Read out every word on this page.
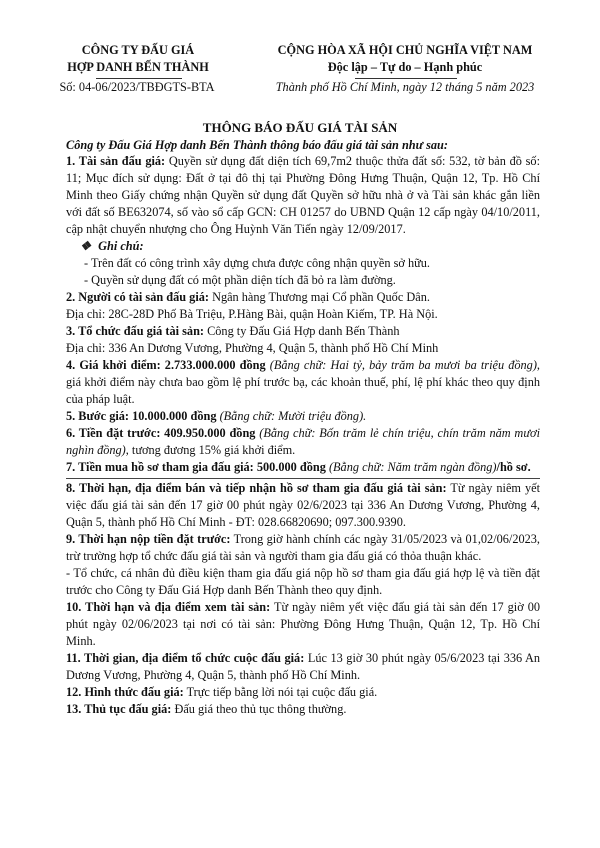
CÔNG TY ĐẤU GIÁ
HỢP DANH BẾN THÀNH
Số: 04-06/2023/TBĐGTS-BTA
CỘNG HÒA XÃ HỘI CHỦ NGHĨA VIỆT NAM
Độc lập – Tự do – Hạnh phúc
Thành phố Hồ Chí Minh, ngày 12 tháng 5 năm 2023
THÔNG BÁO ĐẤU GIÁ TÀI SẢN
Công ty Đấu Giá Hợp danh Bến Thành thông báo đấu giá tài sản như sau:

1. Tài sản đấu giá: Quyền sử dụng đất diện tích 69,7m2 thuộc thửa đất số: 532, tờ bản đồ số: 11; Mục đích sử dụng: Đất ở tại đô thị tại Phường Đông Hưng Thuận, Quận 12, Tp. Hồ Chí Minh theo Giấy chứng nhận Quyền sử dụng đất Quyền sở hữu nhà ở và Tài sản khác gắn liền với đất số BE632074, số vào sổ cấp GCN: CH 01257 do UBND Quận 12 cấp ngày 04/10/2011, cập nhật chuyển nhượng cho Ông Huỳnh Văn Tiến ngày 12/09/2017.

❖ Ghi chú:

- Trên đất có công trình xây dựng chưa được công nhận quyền sở hữu.

- Quyền sử dụng đất có một phần diện tích đã bỏ ra làm đường.

2. Người có tài sản đấu giá: Ngân hàng Thương mại Cổ phần Quốc Dân.

Địa chỉ: 28C-28D Phố Bà Triệu, P.Hàng Bài, quận Hoàn Kiếm, TP. Hà Nội.

3. Tổ chức đấu giá tài sản: Công ty Đấu Giá Hợp danh Bến Thành

Địa chỉ: 336 An Dương Vương, Phường 4, Quận 5, thành phố Hồ Chí Minh

4. Giá khởi điểm: 2.733.000.000 đồng (Bằng chữ: Hai tỷ, bảy trăm ba mươi ba triệu đồng), giá khởi điểm này chưa bao gồm lệ phí trước bạ, các khoản thuế, phí, lệ phí khác theo quy định của pháp luật.

5. Bước giá: 10.000.000 đồng (Bằng chữ: Mười triệu đồng).

6. Tiền đặt trước: 409.950.000 đồng (Bằng chữ: Bốn trăm lẻ chín triệu, chín trăm năm mươi nghìn đồng), tương đương 15% giá khởi điểm.

7. Tiền mua hồ sơ tham gia đấu giá: 500.000 đồng (Bằng chữ: Năm trăm ngàn đồng)/hồ sơ.

8. Thời hạn, địa điểm bán và tiếp nhận hồ sơ tham gia đấu giá tài sản: Từ ngày niêm yết việc đấu giá tài sản đến 17 giờ 00 phút ngày 02/6/2023 tại 336 An Dương Vương, Phường 4, Quận 5, thành phố Hồ Chí Minh - ĐT: 028.66820690; 097.300.9390.

9. Thời hạn nộp tiền đặt trước: Trong giờ hành chính các ngày 31/05/2023 và 01,02/06/2023, trừ trường hợp tổ chức đấu giá tài sản và người tham gia đấu giá có thỏa thuận khác.

- Tổ chức, cá nhân đủ điều kiện tham gia đấu giá nộp hồ sơ tham gia đấu giá hợp lệ và tiền đặt trước cho Công ty Đấu Giá Hợp danh Bến Thành theo quy định.

10. Thời hạn và địa điểm xem tài sản: Từ ngày niêm yết việc đấu giá tài sản đến 17 giờ 00 phút ngày 02/06/2023 tại nơi có tài sản: Phường Đông Hưng Thuận, Quận 12, Tp. Hồ Chí Minh.

11. Thời gian, địa điểm tổ chức cuộc đấu giá: Lúc 13 giờ 30 phút ngày 05/6/2023 tại 336 An Dương Vương, Phường 4, Quận 5, thành phố Hồ Chí Minh.

12. Hình thức đấu giá: Trực tiếp bằng lời nói tại cuộc đấu giá.

13. Thủ tục đấu giá: Đấu giá theo thủ tục thông thường.
